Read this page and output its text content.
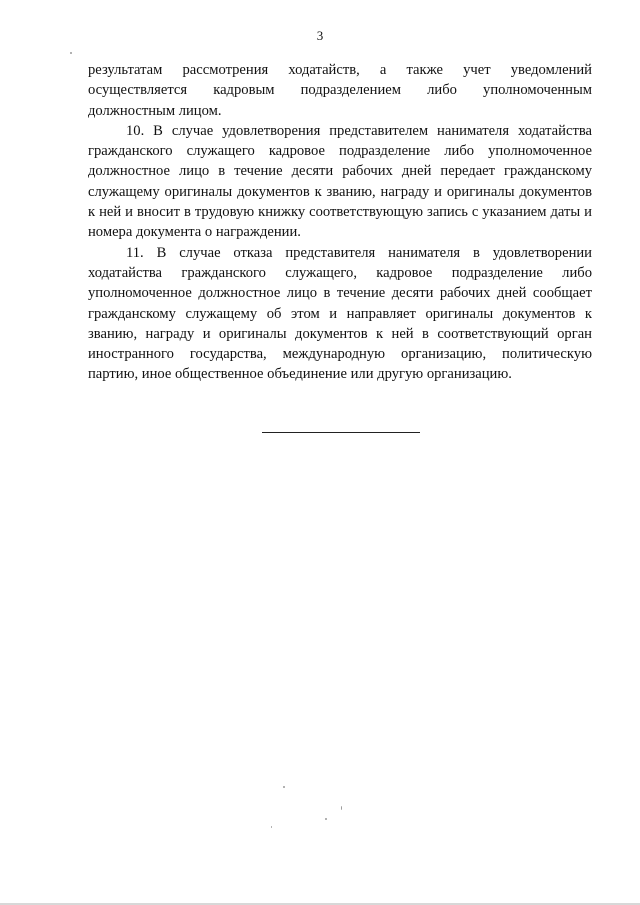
3

результатам рассмотрения ходатайств, а также учет уведомлений осуществляется кадровым подразделением либо уполномоченным должностным лицом.

10. В случае удовлетворения представителем нанимателя ходатайства гражданского служащего кадровое подразделение либо уполномоченное должностное лицо в течение десяти рабочих дней передает гражданскому служащему оригиналы документов к званию, награду и оригиналы документов к ней и вносит в трудовую книжку соответствующую запись с указанием даты и номера документа о награждении.

11. В случае отказа представителя нанимателя в удовлетворении ходатайства гражданского служащего, кадровое подразделение либо уполномоченное должностное лицо в течение десяти рабочих дней сообщает гражданскому служащему об этом и направляет оригиналы документов к званию, награду и оригиналы документов к ней в соответствующий орган иностранного государства, международную организацию, политическую партию, иное общественное объединение или другую организацию.
